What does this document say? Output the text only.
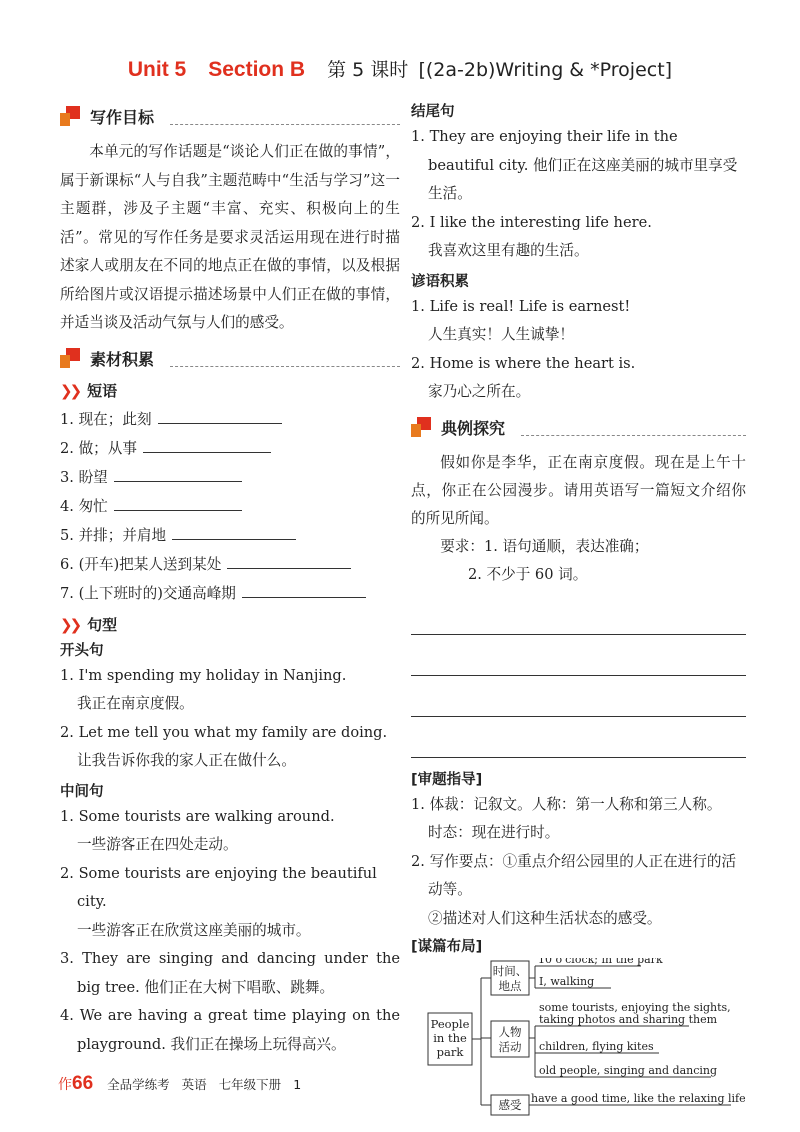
Unit 5 Section B 第 5 课时 [(2a-2b)Writing & *Project]
写作目标

本单元的写作话题是“谈论人们正在做的事情”，属于新课标“人与自我”主题范畴中“生活与学习”这一主题群，涉及子主题“丰富、充实、积极向上的生活”。常见的写作任务是要求灵活运用现在进行时描述家人或朋友在不同的地点正在做的事情，以及根据所给图片或汉语提示描述场景中人们正在做的事情，并适当谈及活动气氛与人们的感受。

素材积累
❯❯ 短语
1. 现在；此刻
2. 做；从事
3. 盼望
4. 匆忙
5. 并排；并肩地
6. (开车)把某人送到某处
7. (上下班时的)交通高峰期
❯❯ 句型
开头句

1. I'm spending my holiday in Nanjing.

我正在南京度假。

2. Let me tell you what my family are doing.

让我告诉你我的家人正在做什么。

中间句

1. Some tourists are walking around.

一些游客正在四处走动。

2. Some tourists are enjoying the beautiful city.

一些游客正在欣赏这座美丽的城市。

3. They are singing and dancing under the big tree. 他们正在大树下唱歌、跳舞。

4. We are having a great time playing on the playground. 我们正在操场上玩得高兴。

结尾句

1. They are enjoying their life in the beautiful city. 他们正在这座美丽的城市里享受生活。

2. I like the interesting life here.

我喜欢这里有趣的生活。

谚语积累

1. Life is real! Life is earnest!

人生真实！人生诚挚！

2. Home is where the heart is.

家乃心之所在。

典例探究

假如你是李华，正在南京度假。现在是上午十点，你正在公园漫步。请用英语写一篇短文介绍你的所见所闻。

要求：1. 语句通顺，表达准确；

2. 不少于 60 词。

[审题指导]

1. 体裁：记叙文。人称：第一人称和第三人称。

时态：现在进行时。

2. 写作要点：①重点介绍公园里的人正在进行的活动等。

②描述对人们这种生活状态的感受。

[谋篇布局]
People
in the
park
时间、
地点
人物
活动
感受
10 o'clock; in the park
I, walking
some tourists, enjoying the sights,
taking photos and sharing them
children, flying kites
old people, singing and dancing
have a good time, like the relaxing life
作66 全品学练考 英语 七年级下册 1
